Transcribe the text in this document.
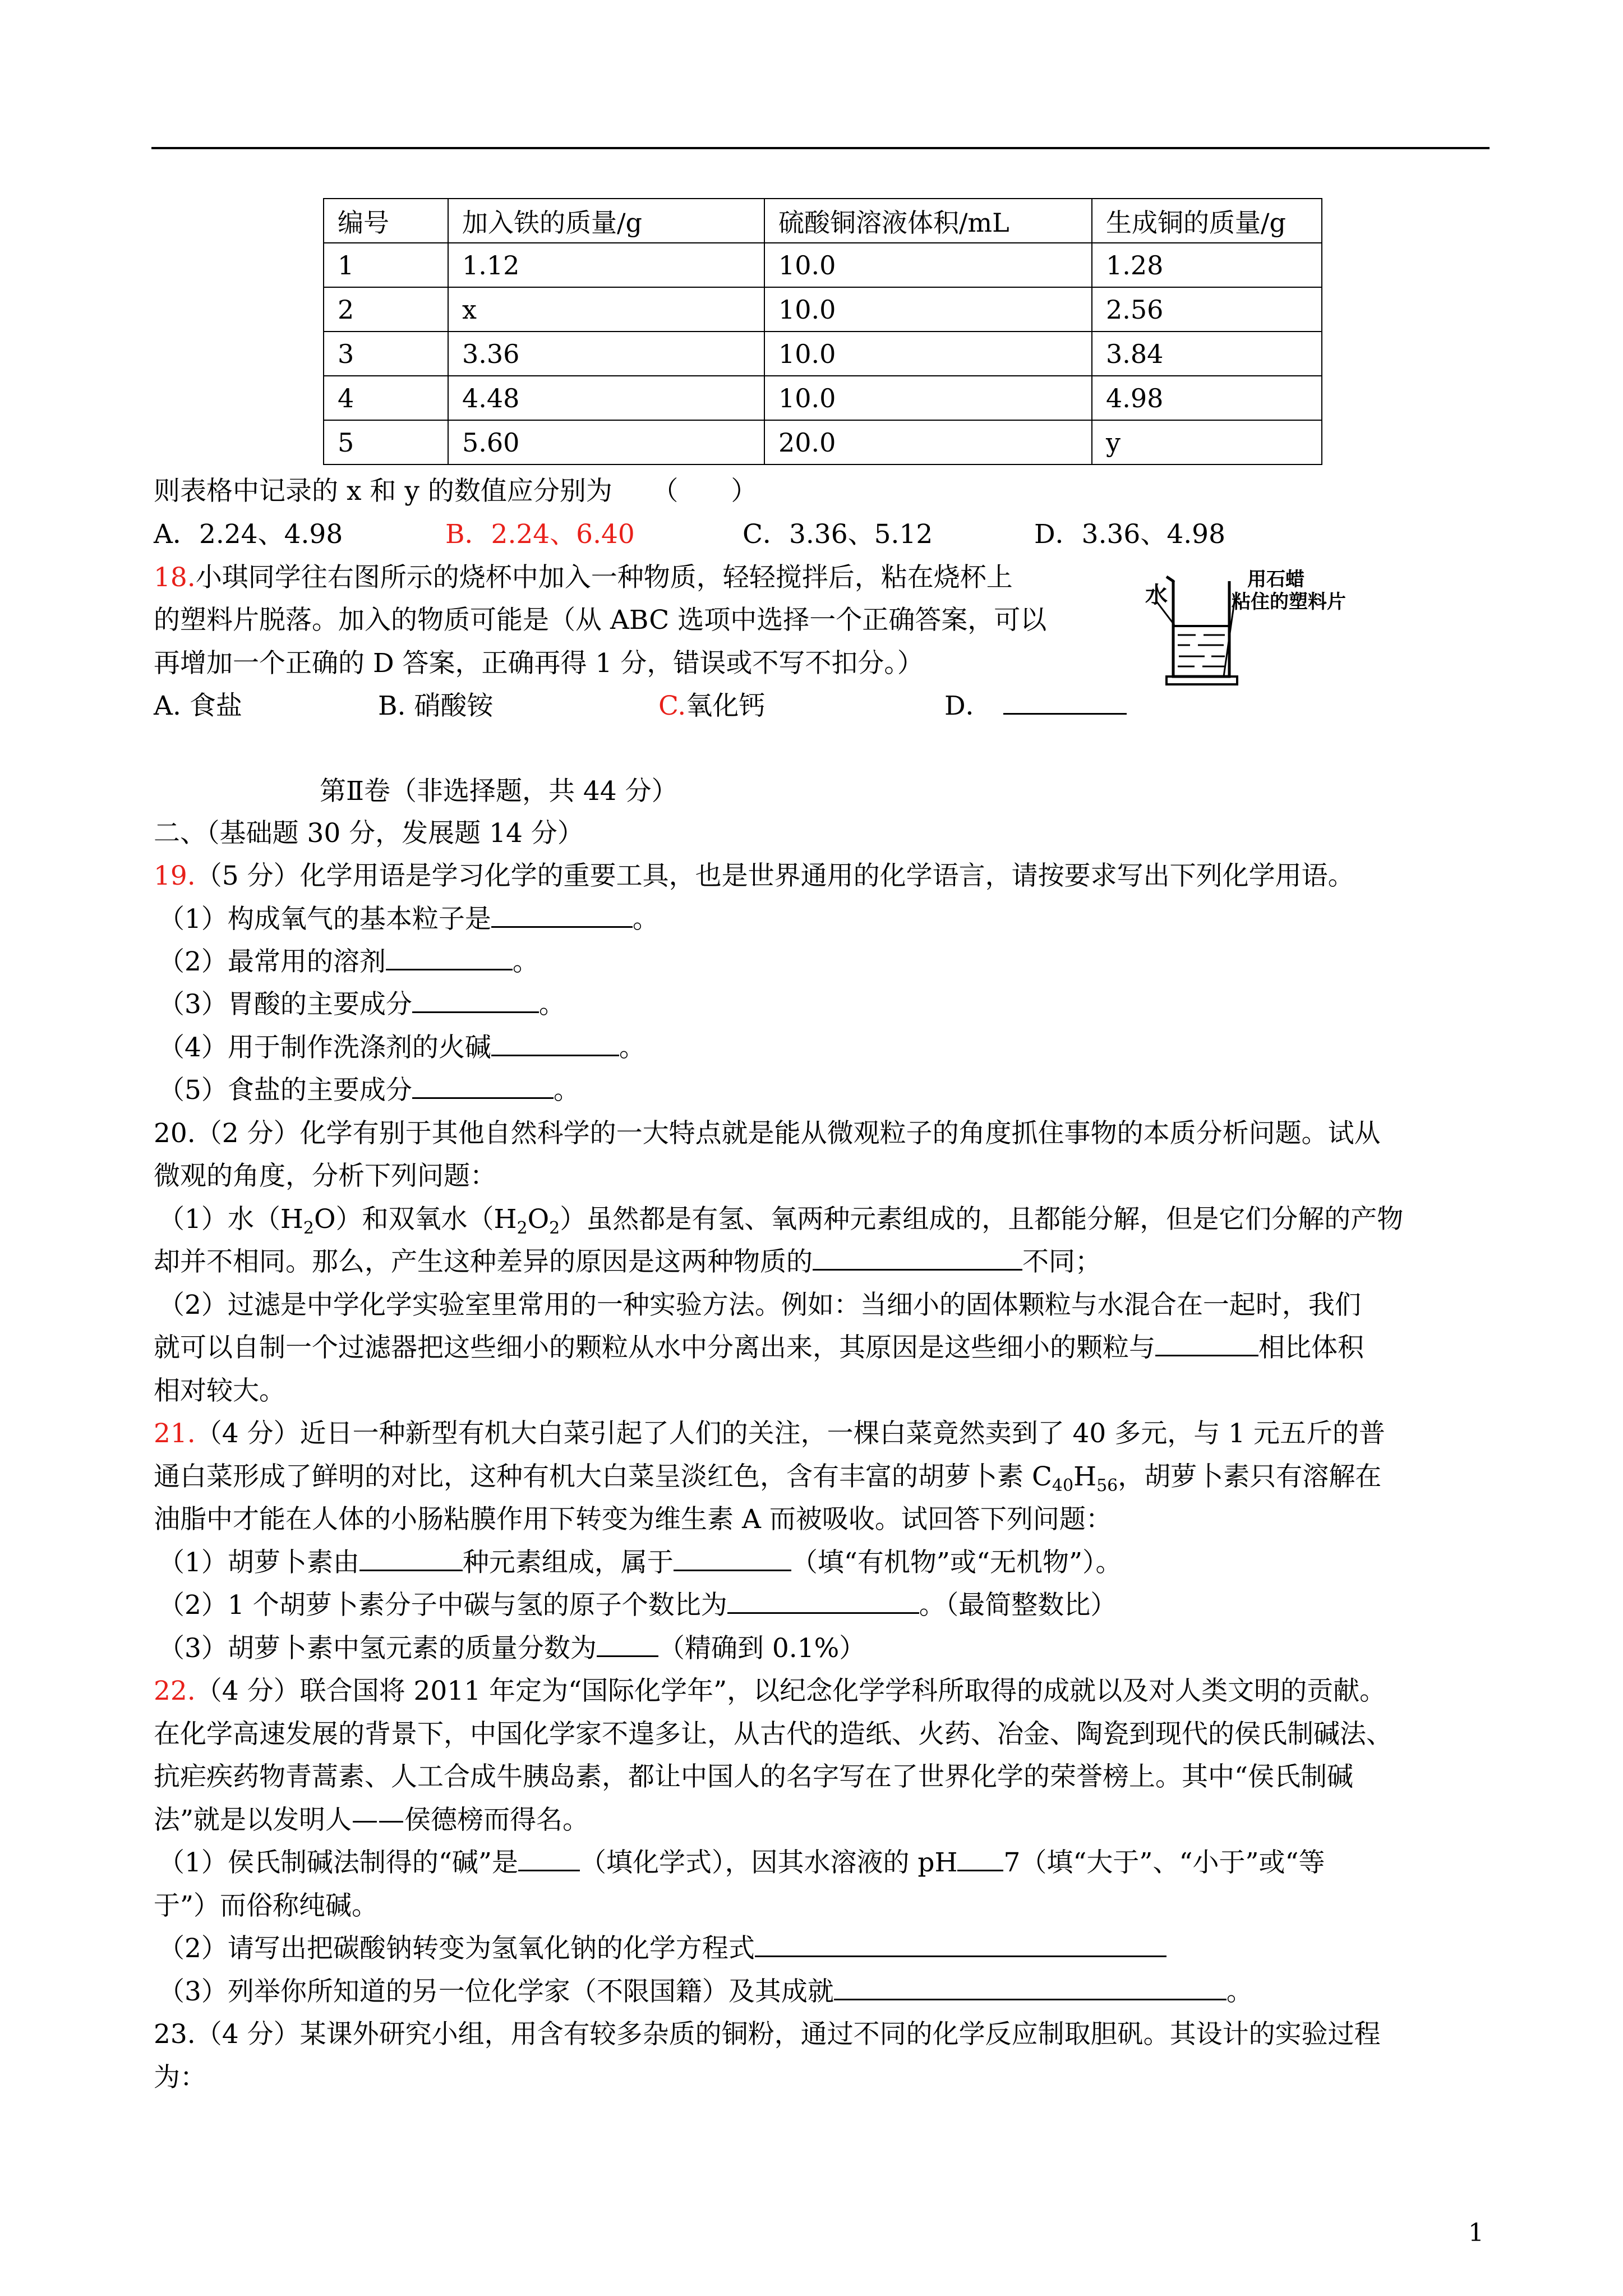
编号	加入铁的质量/g	硫酸铜溶液体积/mL	生成铜的质量/g
1	1.12	10.0	1.28
2	x	10.0	2.56
3	3.36	10.0	3.84
4	4.48	10.0	4.98
5	5.60	20.0	y
则表格中记录的 x 和 y 的数值应分别为　　（　　）
A．2.24、4.98	B．2.24、6.40	C．3.36、5.12	D．3.36、4.98
18.小琪同学往右图所示的烧杯中加入一种物质，轻轻搅拌后，粘在烧杯上
的塑料片脱落。加入的物质可能是（从 ABC 选项中选择一个正确答案，可以
再增加一个正确的 D 答案，正确再得 1 分，错误或不写不扣分。）
A. 食盐	B. 硝酸铵	C.氧化钙	D．
水
用石蜡
粘住的塑料片
第Ⅱ卷（非选择题，共 44 分）
二、（基础题 30 分，发展题 14 分）
19.（5 分）化学用语是学习化学的重要工具，也是世界通用的化学语言，请按要求写出下列化学用语。
（1）构成氧气的基本粒子是	。
（2）最常用的溶剂	。
（3）胃酸的主要成分	。
（4）用于制作洗涤剂的火碱	。
（5）食盐的主要成分	。
20.（2 分）化学有别于其他自然科学的一大特点就是能从微观粒子的角度抓住事物的本质分析问题。试从
微观的角度，分析下列问题：
（1）水$(H_2O)$和双氧水$(H_2O_2)$虽然都是有氢、氧两种元素组成的，且都能分解，但是它们分解的产物
却并不相同。那么，产生这种差异的原因是这两种物质的	不同；
（2）过滤是中学化学实验室里常用的一种实验方法。例如：当细小的固体颗粒与水混合在一起时，我们
就可以自制一个过滤器把这些细小的颗粒从水中分离出来，其原因是这些细小的颗粒与	相比体积
相对较大。
21.（4 分）近日一种新型有机大白菜引起了人们的关注，一棵白菜竟然卖到了 40 多元，与 1 元五斤的普
通白菜形成了鲜明的对比，这种有机大白菜呈淡红色，含有丰富的胡萝卜素 $C_{40}H_{56}$，胡萝卜素只有溶解在
油脂中才能在人体的小肠粘膜作用下转变为维生素 A 而被吸收。试回答下列问题：
（1）胡萝卜素由	种元素组成，属于	（填“有机物”或“无机物”）。
（2）1 个胡萝卜素分子中碳与氢的原子个数比为	。（最简整数比）
（3）胡萝卜素中氢元素的质量分数为 （精确到 0.1%）
22.（4 分）联合国将 2011 年定为“国际化学年”，以纪念化学学科所取得的成就以及对人类文明的贡献。
在化学高速发展的背景下，中国化学家不遑多让，从古代的造纸、火药、冶金、陶瓷到现代的侯氏制碱法、
抗疟疾药物青蒿素、人工合成牛胰岛素，都让中国人的名字写在了世界化学的荣誉榜上。其中“侯氏制碱
法”就是以发明人——侯德榜而得名。
（1）侯氏制碱法制得的“碱”是 （填化学式），因其水溶液的 pH 7（填“大于”、“小于”或“等
于”）而俗称纯碱。
（2）请写出把碳酸钠转变为氢氧化钠的化学方程式
（3）列举你所知道的另一位化学家（不限国籍）及其成就	。
23.（4 分）某课外研究小组，用含有较多杂质的铜粉，通过不同的化学反应制取胆矾。其设计的实验过程
为：
1
